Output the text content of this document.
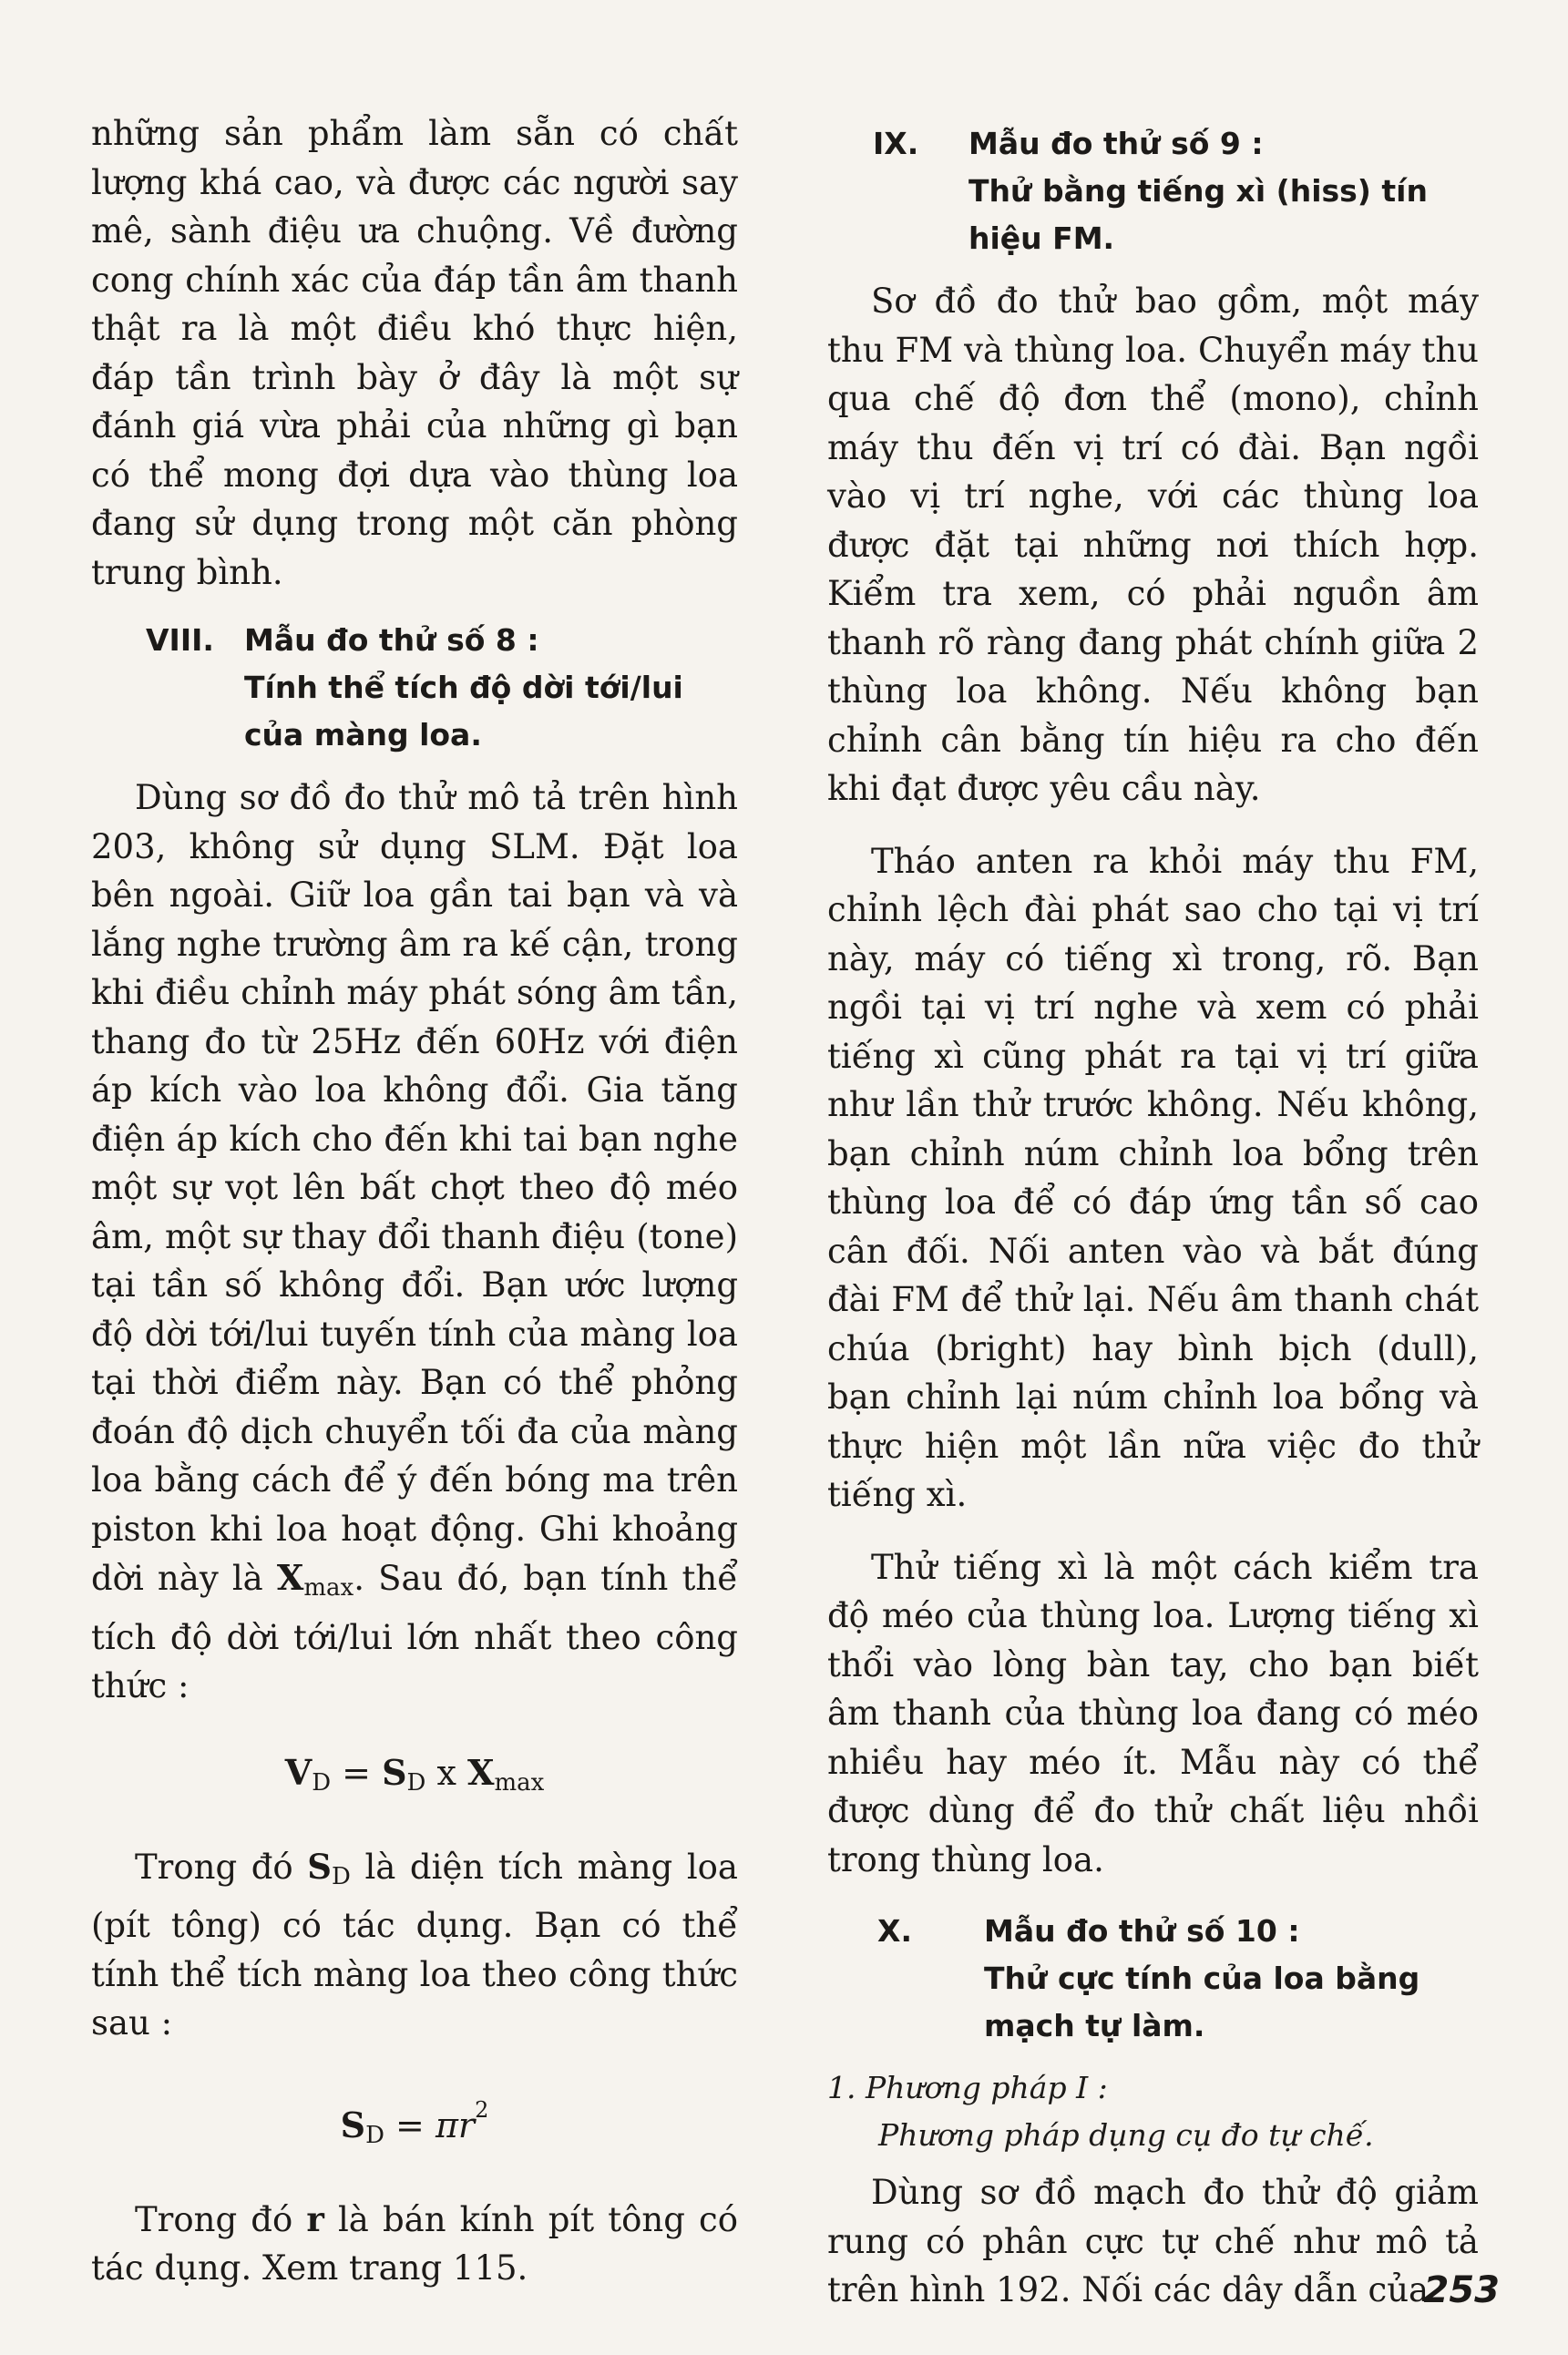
những sản phẩm làm sẵn có chất lượng khá cao, và được các người say mê, sành điệu ưa chuộng. Về đường cong chính xác của đáp tần âm thanh thật ra là một điều khó thực hiện, đáp tần trình bày ở đây là một sự đánh giá vừa phải của những gì bạn có thể mong đợi dựa vào thùng loa đang sử dụng trong một căn phòng trung bình.

VIII.	Mẫu đo thử số 8 :
Tính thể tích độ dời tới/lui của màng loa.

Dùng sơ đồ đo thử mô tả trên hình 203, không sử dụng SLM. Đặt loa bên ngoài. Giữ loa gần tai bạn và và lắng nghe trường âm ra kế cận, trong khi điều chỉnh máy phát sóng âm tần, thang đo từ 25Hz đến 60Hz với điện áp kích vào loa không đổi. Gia tăng điện áp kích cho đến khi tai bạn nghe một sự vọt lên bất chợt theo độ méo âm, một sự thay đổi thanh điệu (tone) tại tần số không đổi. Bạn ước lượng độ dời tới/lui tuyến tính của màng loa tại thời điểm này. Bạn có thể phỏng đoán độ dịch chuyển tối đa của màng loa bằng cách để ý đến bóng ma trên piston khi loa hoạt động. Ghi khoảng dời này là $X_{max}$. Sau đó, bạn tính thể tích độ dời tới/lui lớn nhất theo công thức :

$V_D = S_D$ x $X_{max}$

Trong đó $S_D$ là diện tích màng loa (pít tông) có tác dụng. Bạn có thể tính thể tích màng loa theo công thức sau :

$S_D = \pi r^2$

Trong đó r là bán kính pít tông có tác dụng. Xem trang 115.

IX.	Mẫu đo thử số 9 :
Thử bằng tiếng xì (hiss) tín hiệu FM.

Sơ đồ đo thử bao gồm, một máy thu FM và thùng loa. Chuyển máy thu qua chế độ đơn thể (mono), chỉnh máy thu đến vị trí có đài. Bạn ngồi vào vị trí nghe, với các thùng loa được đặt tại những nơi thích hợp. Kiểm tra xem, có phải nguồn âm thanh rõ ràng đang phát chính giữa 2 thùng loa không. Nếu không bạn chỉnh cân bằng tín hiệu ra cho đến khi đạt được yêu cầu này.

Tháo anten ra khỏi máy thu FM, chỉnh lệch đài phát sao cho tại vị trí này, máy có tiếng xì trong, rõ. Bạn ngồi tại vị trí nghe và xem có phải tiếng xì cũng phát ra tại vị trí giữa như lần thử trước không. Nếu không, bạn chỉnh núm chỉnh loa bổng trên thùng loa để có đáp ứng tần số cao cân đối. Nối anten vào và bắt đúng đài FM để thử lại. Nếu âm thanh chát chúa (bright) hay bình bịch (dull), bạn chỉnh lại núm chỉnh loa bổng và thực hiện một lần nữa việc đo thử tiếng xì.

Thử tiếng xì là một cách kiểm tra độ méo của thùng loa. Lượng tiếng xì thổi vào lòng bàn tay, cho bạn biết âm thanh của thùng loa đang có méo nhiều hay méo ít. Mẫu này có thể được dùng để đo thử chất liệu nhồi trong thùng loa.

X.	Mẫu đo thử số 10 :
Thử cực tính của loa bằng mạch tự làm.
1. Phương pháp I :
Phương pháp dụng cụ đo tự chế.

Dùng sơ đồ mạch đo thử độ giảm rung có phân cực tự chế như mô tả trên hình 192. Nối các dây dẫn của

253
